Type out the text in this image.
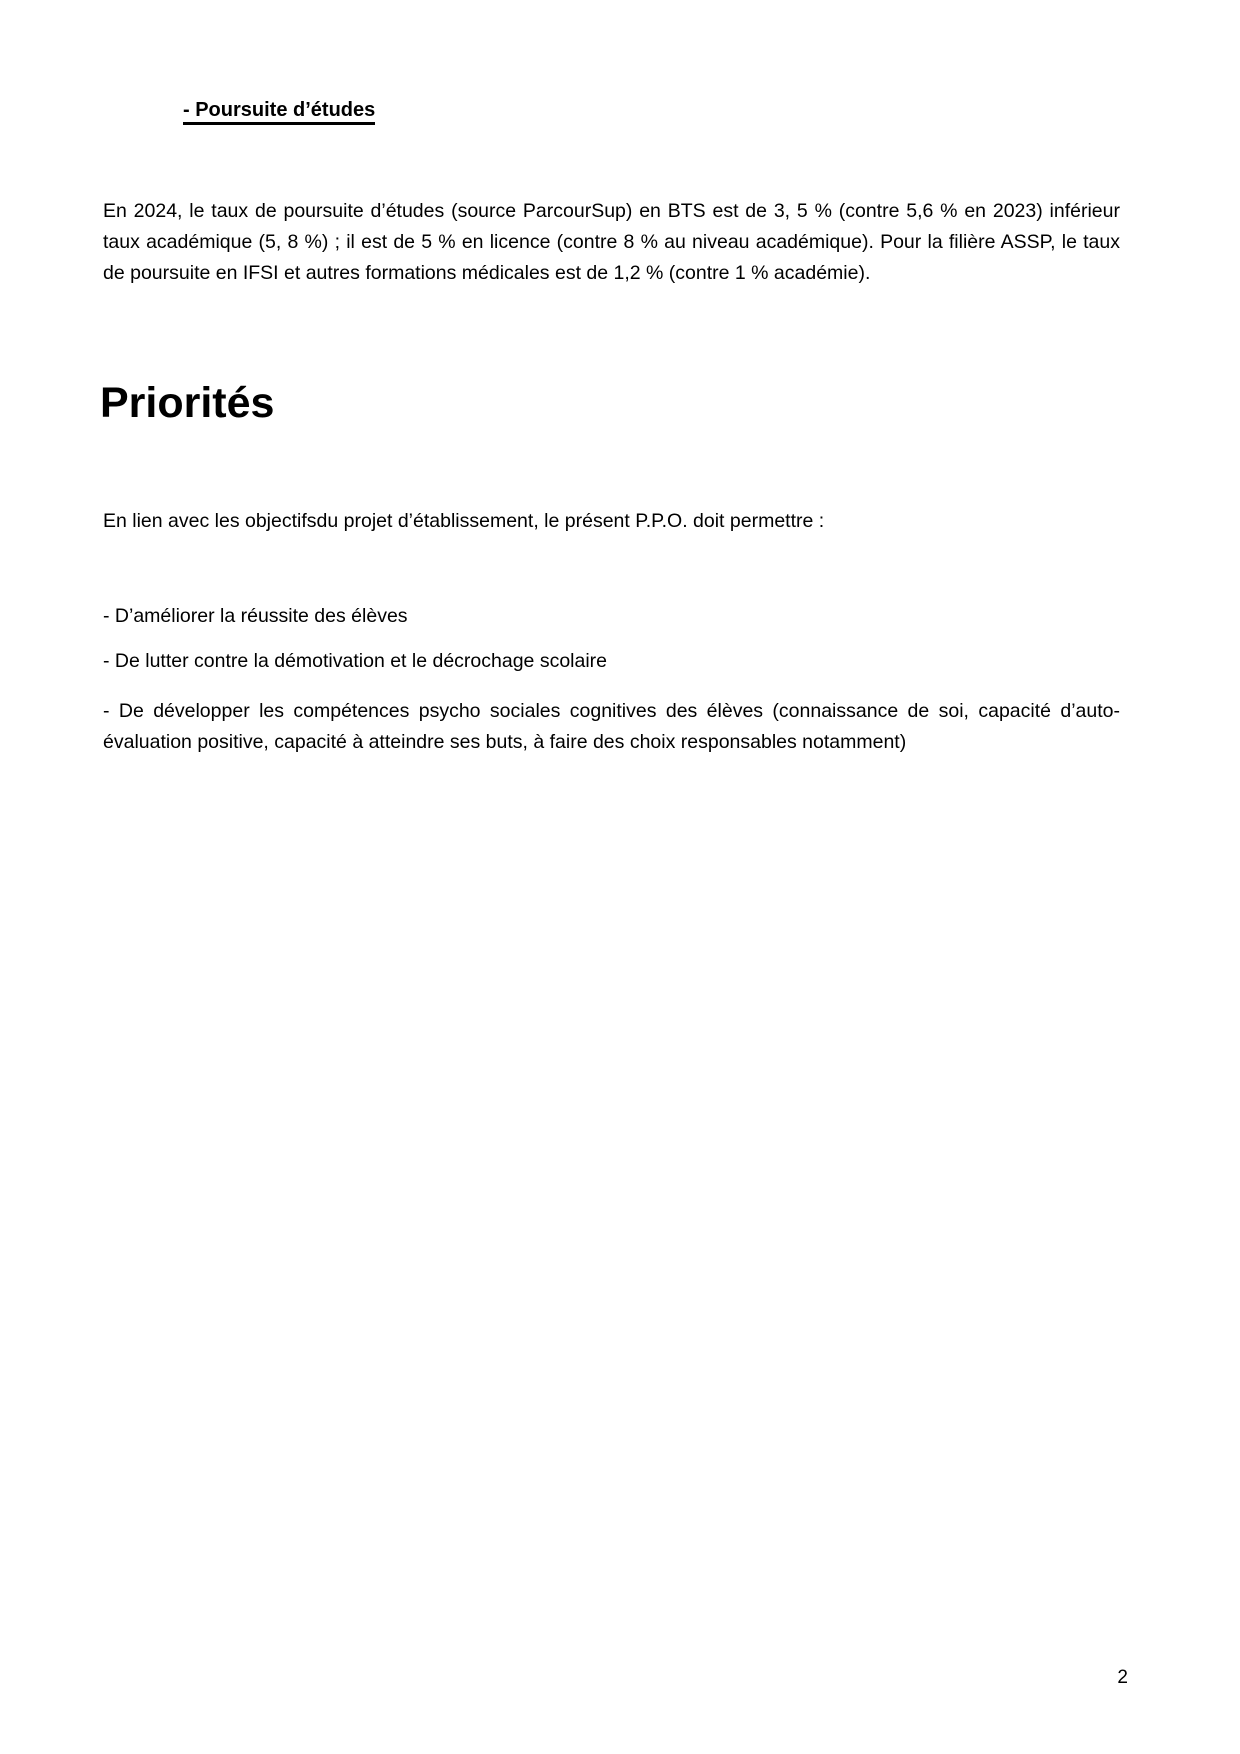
- Poursuite d’études

En 2024, le taux de poursuite d’études (source ParcourSup) en BTS est de 3, 5 % (contre 5,6 % en 2023) inférieur taux académique (5, 8 %) ; il est de 5 % en licence (contre 8 % au niveau académique). Pour la filière ASSP, le taux de poursuite en IFSI et autres formations médicales est de 1,2 % (contre 1 % académie).

Priorités

En lien avec les objectifsdu projet d’établissement, le présent P.P.O. doit permettre :

- D’améliorer la réussite des élèves

- De lutter contre la démotivation et le décrochage scolaire

- De développer les compétences psycho sociales cognitives des élèves (connaissance de soi, capacité d’auto-évaluation positive, capacité à atteindre ses buts, à faire des choix responsables notamment)

2
